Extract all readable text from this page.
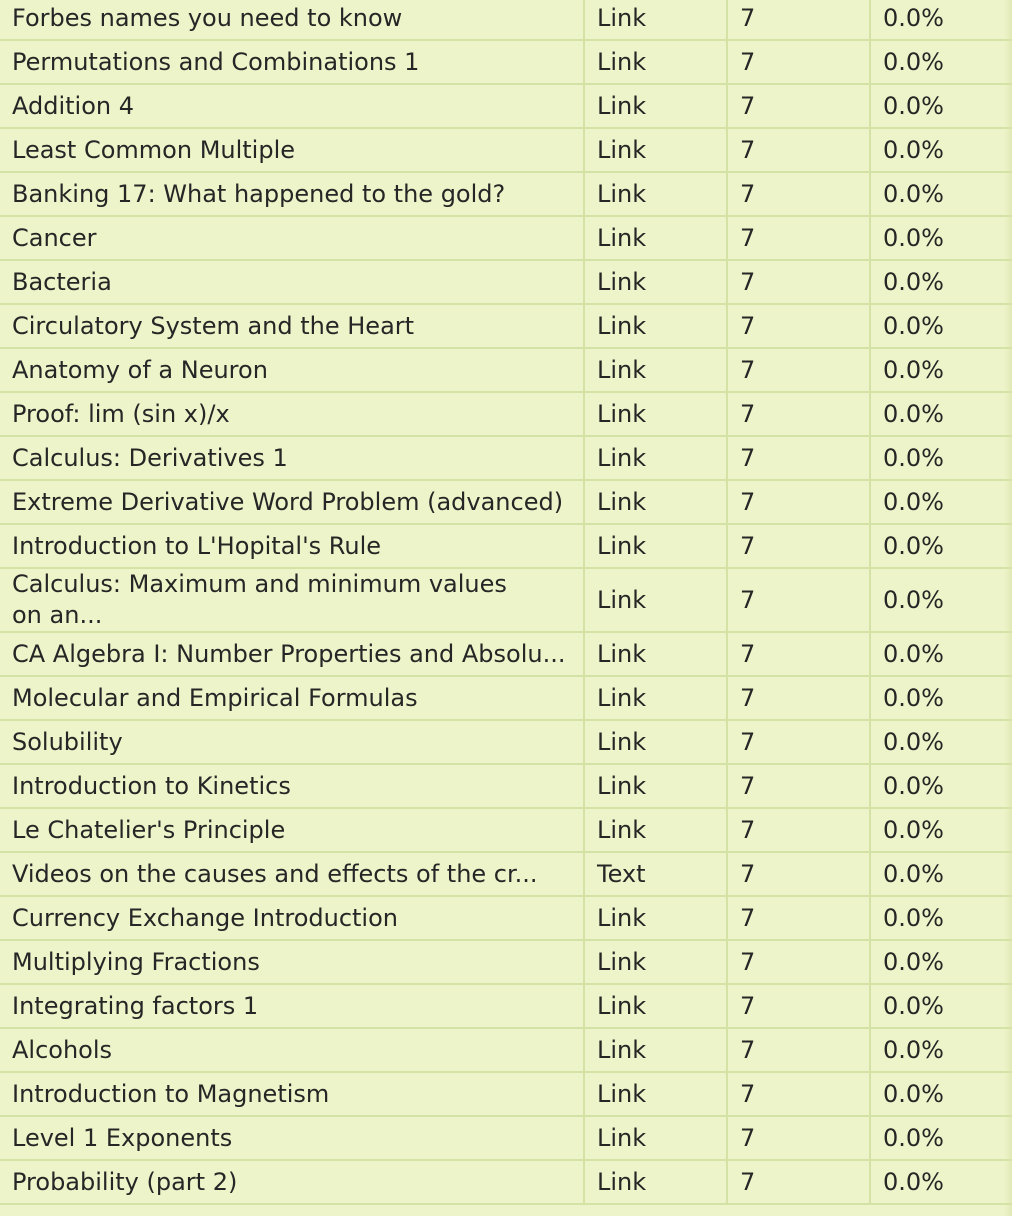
Forbes names you need to know	Link	7	0.0%
Permutations and Combinations 1	Link	7	0.0%
Addition 4	Link	7	0.0%
Least Common Multiple	Link	7	0.0%
Banking 17: What happened to the gold?	Link	7	0.0%
Cancer	Link	7	0.0%
Bacteria	Link	7	0.0%
Circulatory System and the Heart	Link	7	0.0%
Anatomy of a Neuron	Link	7	0.0%
Proof: lim (sin x)/x	Link	7	0.0%
Calculus: Derivatives 1	Link	7	0.0%
Extreme Derivative Word Problem (advanced)	Link	7	0.0%
Introduction to L'Hopital's Rule	Link	7	0.0%
Calculus: Maximum and minimum values on an...	Link	7	0.0%
CA Algebra I: Number Properties and Absolu...	Link	7	0.0%
Molecular and Empirical Formulas	Link	7	0.0%
Solubility	Link	7	0.0%
Introduction to Kinetics	Link	7	0.0%
Le Chatelier's Principle	Link	7	0.0%
Videos on the causes and effects of the cr...	Text	7	0.0%
Currency Exchange Introduction	Link	7	0.0%
Multiplying Fractions	Link	7	0.0%
Integrating factors 1	Link	7	0.0%
Alcohols	Link	7	0.0%
Introduction to Magnetism	Link	7	0.0%
Level 1 Exponents	Link	7	0.0%
Probability (part 2)	Link	7	0.0%
